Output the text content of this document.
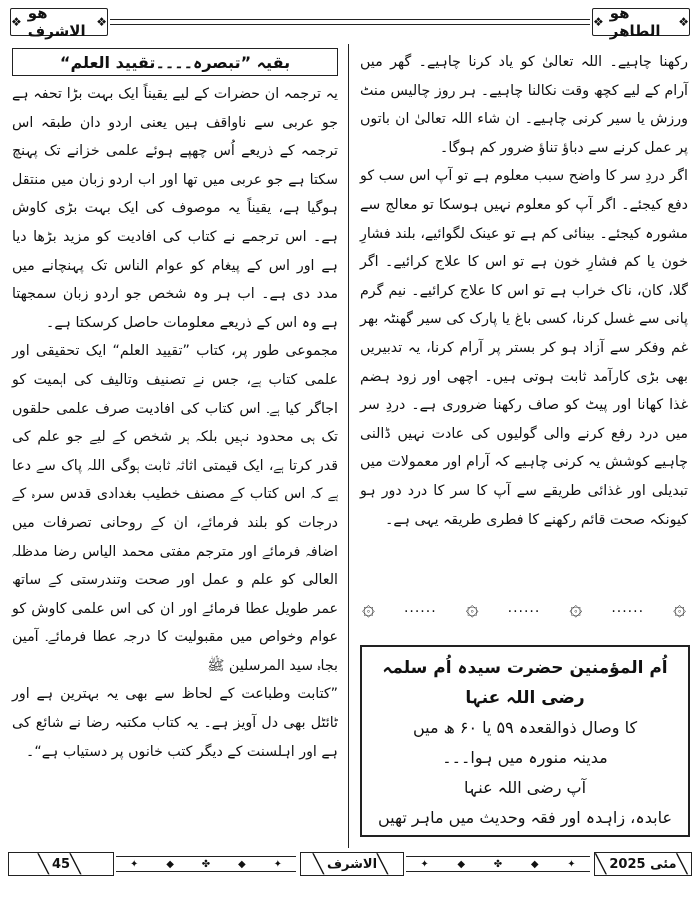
❖ ھو الاشرف ❖	❖ ھو الطاھر	❖

رکھنا چاہیے۔ اللہ تعالیٰ کو یاد کرنا چاہیے۔ گھر میں آرام کے لیے کچھ وقت نکالنا چاہیے۔ ہر روز چالیس منٹ ورزش یا سیر کرنی چاہیے۔ ان شاء اللہ تعالیٰ ان باتوں پر عمل کرنے سے دباؤ تناؤ ضرور کم ہوگا۔

اگر دردِ سر کا واضح سبب معلوم ہے تو آپ اس سب کو دفع کیجئے۔ اگر آپ کو معلوم نہیں ہوسکا تو معالج سے مشورہ کیجئے۔ بینائی کم ہے تو عینک لگوائیے، بلند فشارِ خون یا کم فشارِ خون ہے تو اس کا علاج کرائیے۔ اگر گلا، کان، ناک خراب ہے تو اس کا علاج کرائیے۔ نیم گرم پانی سے غسل کرنا، کسی باغ یا پارک کی سیر گھنٹہ بھر غم وفکر سے آزاد ہو کر بستر پر آرام کرنا، یہ تدبیریں بھی بڑی کارآمد ثابت ہوتی ہیں۔ اچھی اور زود ہضم غذا کھانا اور پیٹ کو صاف رکھنا ضروری ہے۔ دردِ سر میں درد رفع کرنے والی گولیوں کی عادت نہیں ڈالنی چاہیے کوشش یہ کرنی چاہیے کہ آرام اور معمولات میں تبدیلی اور غذائی طریقے سے آپ کا سر کا درد دور ہو کیونکہ صحت قائم رکھنے کا فطری طریقہ یہی ہے۔

۞ ...... ۞ ...... ۞ ...... ۞
اُم المؤمنین حضرت سیدہ اُم سلمہ رضی اللہ عنہا
کا وصال ذوالقعدہ ۵۹ یا ۶۰ ھ میں
مدینہ منورہ میں ہوا۔۔۔
آپ رضی اللہ عنہا
عابدہ، زاہدہ اور فقہ وحدیث میں ماہر تھیں
بقیہ ”تبصرہ۔۔۔۔تقیید العلم“

یہ ترجمہ ان حضرات کے لیے یقیناً ایک بہت بڑا تحفہ ہے جو عربی سے ناواقف ہیں یعنی اردو دان طبقہ اس ترجمہ کے ذریعے اُس چھپے ہوئے علمی خزانے تک پہنچ سکتا ہے جو عربی میں تھا اور اب اردو زبان میں منتقل ہوگیا ہے، یقیناً یہ موصوف کی ایک بہت بڑی کاوش ہے۔ اس ترجمے نے کتاب کی افادیت کو مزید بڑھا دیا ہے اور اس کے پیغام کو عوام الناس تک پہنچانے میں مدد دی ہے۔ اب ہر وہ شخص جو اردو زبان سمجھتا ہے وہ اس کے ذریعے معلومات حاصل کرسکتا ہے۔

مجموعی طور پر، کتاب ”تقیید العلم“ ایک تحقیقی اور علمی کتاب ہے، جس نے تصنیف وتالیف کی اہمیت کو اجاگر کیا ہے۔ اس کتاب کی افادیت صرف علمی حلقوں تک ہی محدود نہیں بلکہ ہر شخص کے لیے جو علم کی قدر کرتا ہے، ایک قیمتی اثاثہ ثابت ہوگی اللہ پاک سے دعا ہے کہ اس کتاب کے مصنف خطیب بغدادی قدس سرہ کے درجات کو بلند فرمائے، ان کے روحانی تصرفات میں اضافہ فرمائے اور مترجم مفتی محمد الیاس رضا مدظلہ العالی کو علم و عمل اور صحت وتندرستی کے ساتھ عمر طویل عطا فرمائے اور ان کی اس علمی کاوش کو عوام وخواص میں مقبولیت کا درجہ عطا فرمائے۔ آمین بجاہ سید المرسلین ﷺ

”کتابت وطباعت کے لحاظ سے بھی یہ بہترین ہے اور ٹائٹل بھی دل آویز ہے۔ یہ کتاب مکتبہ رضا نے شائع کی ہے اور اہلسنت کے دیگر کتب خانوں پر دستیاب ہے“۔

╲ 45 ╲	✦	◆	✤	◆	✦ ╲ الاشرف ╲	✦	◆	✤	◆	✦ ╲ مئی 2025 ╲
